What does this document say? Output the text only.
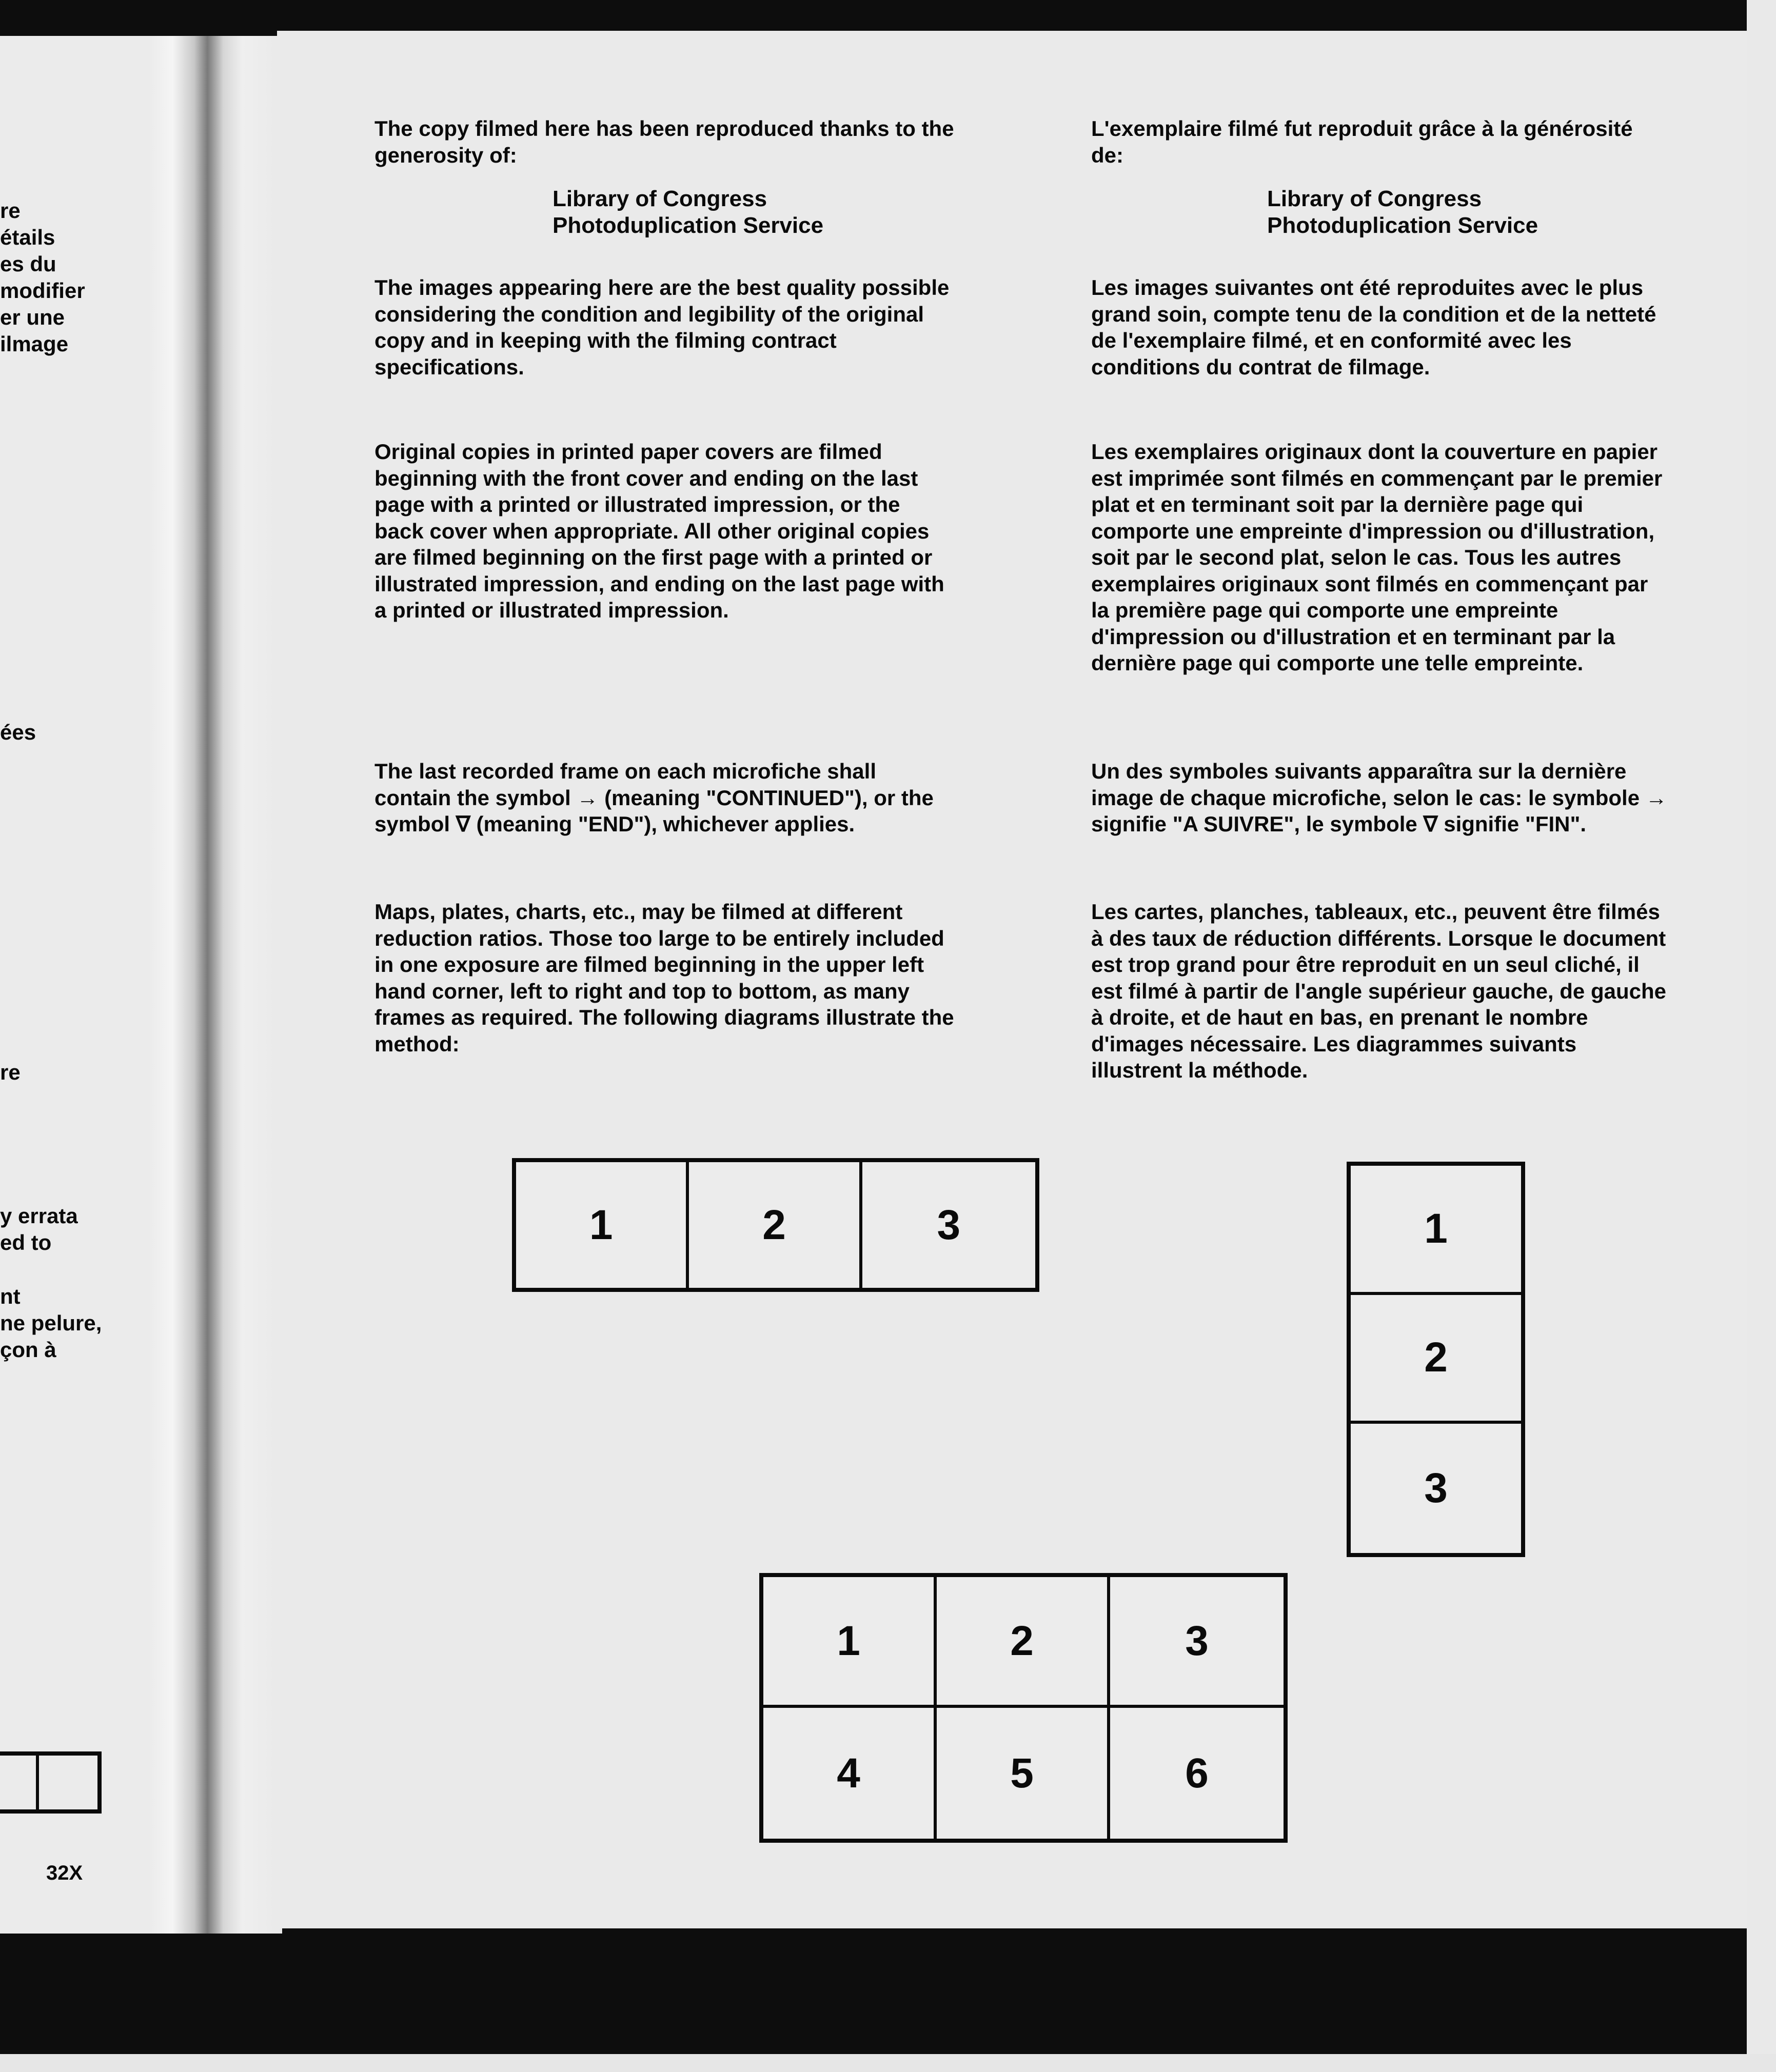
re
étails
es du
modifier
er une
ilmage
ées
re
y errata
ed to
nt
ne pelure,
çon à
32X

The copy filmed here has been reproduced thanks to the generosity of:

Library of Congress
Photoduplication Service

The images appearing here are the best quality possible considering the condition and legibility of the original copy and in keeping with the filming contract specifications.

Original copies in printed paper covers are filmed beginning with the front cover and ending on the last page with a printed or illustrated impression, or the back cover when appropriate. All other original copies are filmed beginning on the first page with a printed or illustrated impression, and ending on the last page with a printed or illustrated impression.

The last recorded frame on each microfiche shall contain the symbol → (meaning "CONTINUED"), or the symbol ∇ (meaning "END"), whichever applies.

Maps, plates, charts, etc., may be filmed at different reduction ratios. Those too large to be entirely included in one exposure are filmed beginning in the upper left hand corner, left to right and top to bottom, as many frames as required. The following diagrams illustrate the method:

L'exemplaire filmé fut reproduit grâce à la générosité de:

Library of Congress
Photoduplication Service

Les images suivantes ont été reproduites avec le plus grand soin, compte tenu de la condition et de la netteté de l'exemplaire filmé, et en conformité avec les conditions du contrat de filmage.

Les exemplaires originaux dont la couverture en papier est imprimée sont filmés en commençant par le premier plat et en terminant soit par la dernière page qui comporte une empreinte d'impression ou d'illustration, soit par le second plat, selon le cas. Tous les autres exemplaires originaux sont filmés en commençant par la première page qui comporte une empreinte d'impression ou d'illustration et en terminant par la dernière page qui comporte une telle empreinte.

Un des symboles suivants apparaîtra sur la dernière image de chaque microfiche, selon le cas: le symbole → signifie "A SUIVRE", le symbole ∇ signifie "FIN".

Les cartes, planches, tableaux, etc., peuvent être filmés à des taux de réduction différents. Lorsque le document est trop grand pour être reproduit en un seul cliché, il est filmé à partir de l'angle supérieur gauche, de gauche à droite, et de haut en bas, en prenant le nombre d'images nécessaire. Les diagrammes suivants illustrent la méthode.

1	2	3	1
2
3
1	2	3
4	5	6
